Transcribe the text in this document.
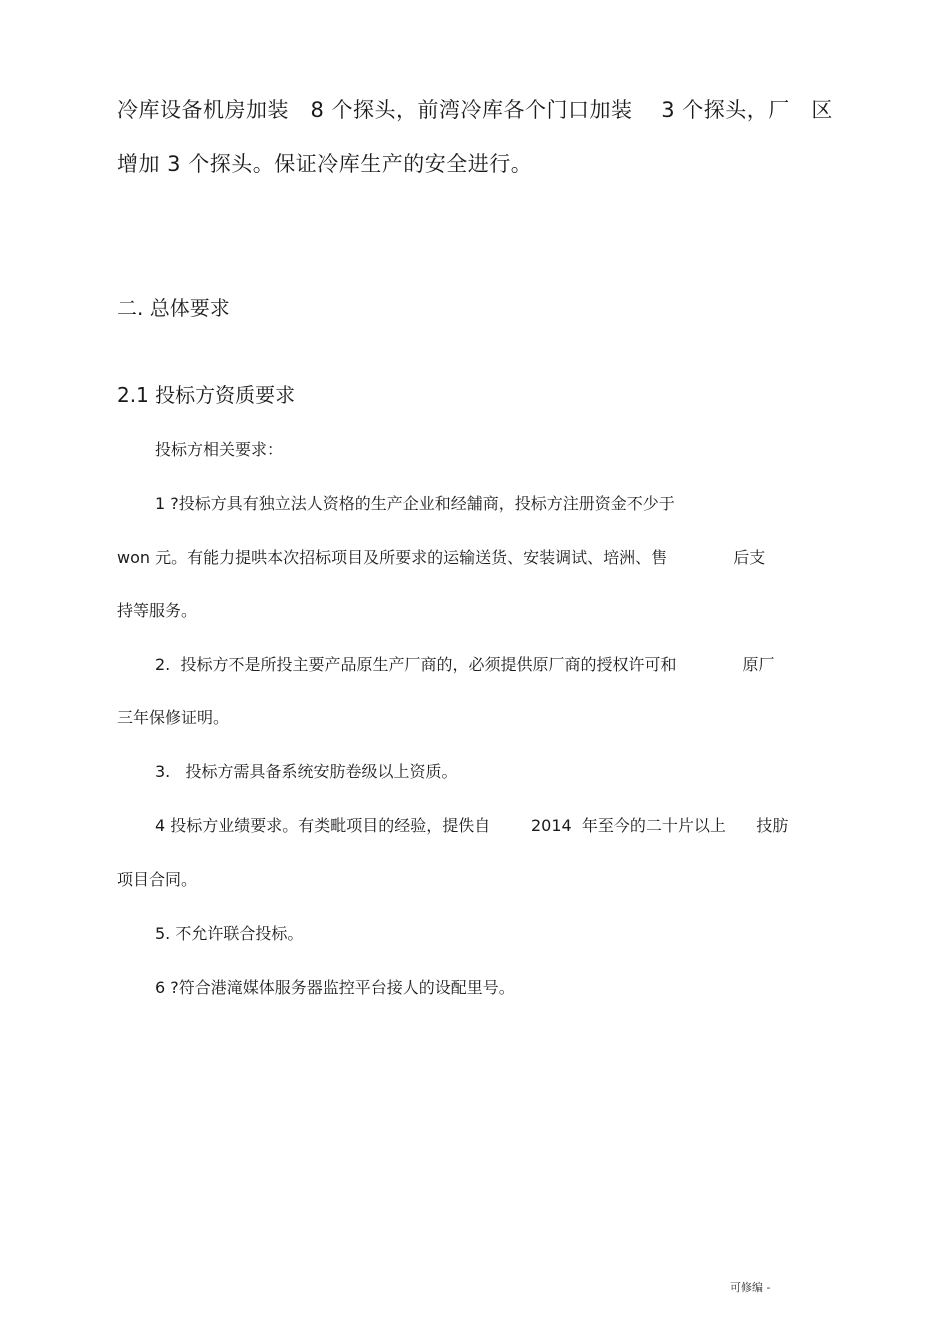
冷库设备机房加装   8 个探头，前湾冷库各个门口加装    3 个探头，厂   区
增加 3 个探头。保证冷库生产的安全进行。
二. 总体要求
2.1 投标方资质要求
投标方相关要求：
1 ?投标方具有独立法人资格的生产企业和经舗商，投标方注册资金不少于
won 元。有能力提哄本次招标项目及所要求的运输送货、安装调试、培洲、售             后支
持等服务。
2.  投标方不是所投主要产品原生产厂商的，必须提供原厂商的授权许可和             原厂
三年保修证明。
3.   投标方需具备系统安肪卷级以上资质。
4 投标方业绩要求。有类毗项目的经验，提佚自        2014  年至今的二十片以上      技肪
项目合同。
5. 不允许联合投标。
6 ?符合港滝媒体服务器监控平台接人的设配里号。
可修编 -
